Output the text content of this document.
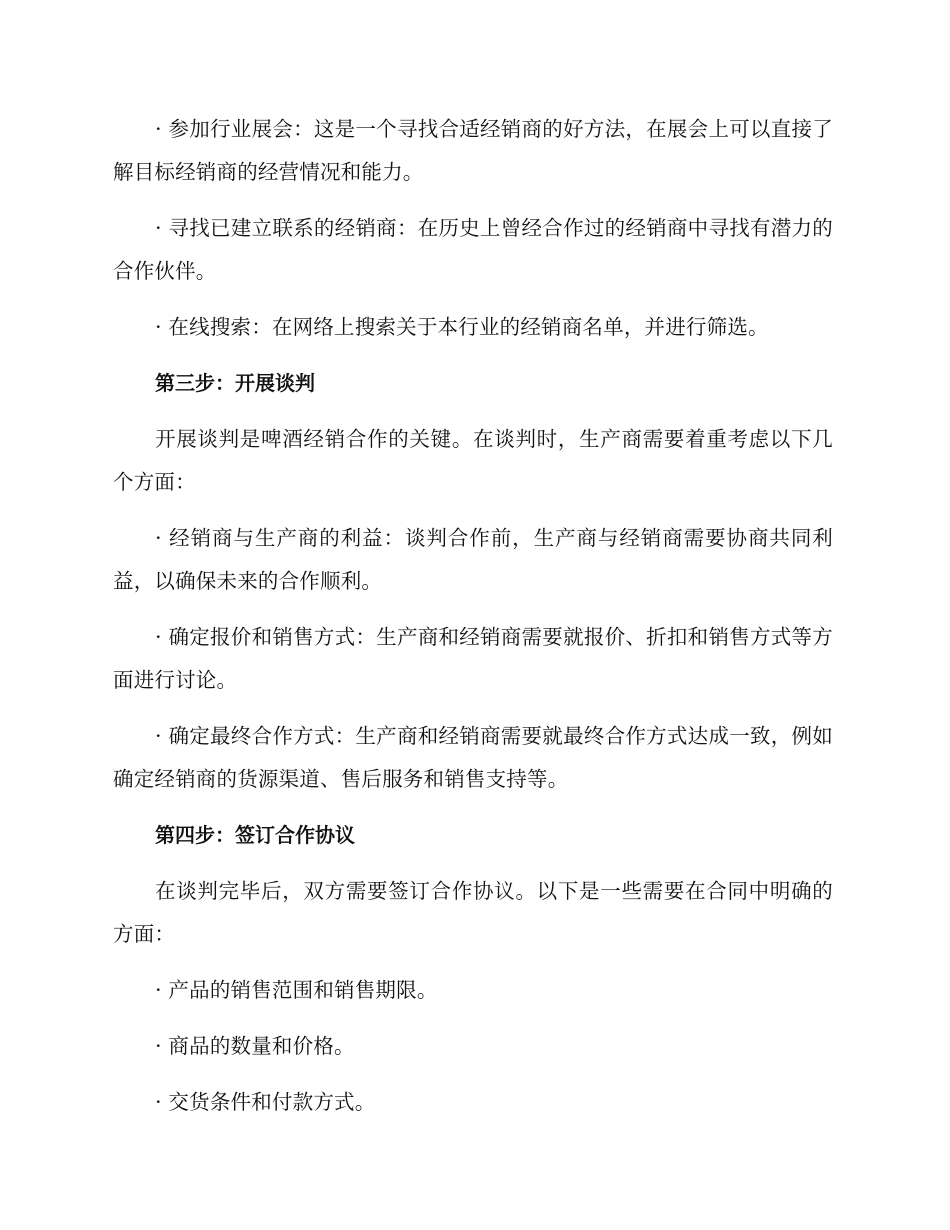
· 参加行业展会：这是一个寻找合适经销商的好方法，在展会上可以直接了解目标经销商的经营情况和能力。

· 寻找已建立联系的经销商：在历史上曾经合作过的经销商中寻找有潜力的合作伙伴。

· 在线搜索：在网络上搜索关于本行业的经销商名单，并进行筛选。

第三步：开展谈判

开展谈判是啤酒经销合作的关键。在谈判时，生产商需要着重考虑以下几个方面：

· 经销商与生产商的利益：谈判合作前，生产商与经销商需要协商共同利益，以确保未来的合作顺利。

· 确定报价和销售方式：生产商和经销商需要就报价、折扣和销售方式等方面进行讨论。

· 确定最终合作方式：生产商和经销商需要就最终合作方式达成一致，例如确定经销商的货源渠道、售后服务和销售支持等。

第四步：签订合作协议

在谈判完毕后，双方需要签订合作协议。以下是一些需要在合同中明确的方面：

· 产品的销售范围和销售期限。

· 商品的数量和价格。

· 交货条件和付款方式。
